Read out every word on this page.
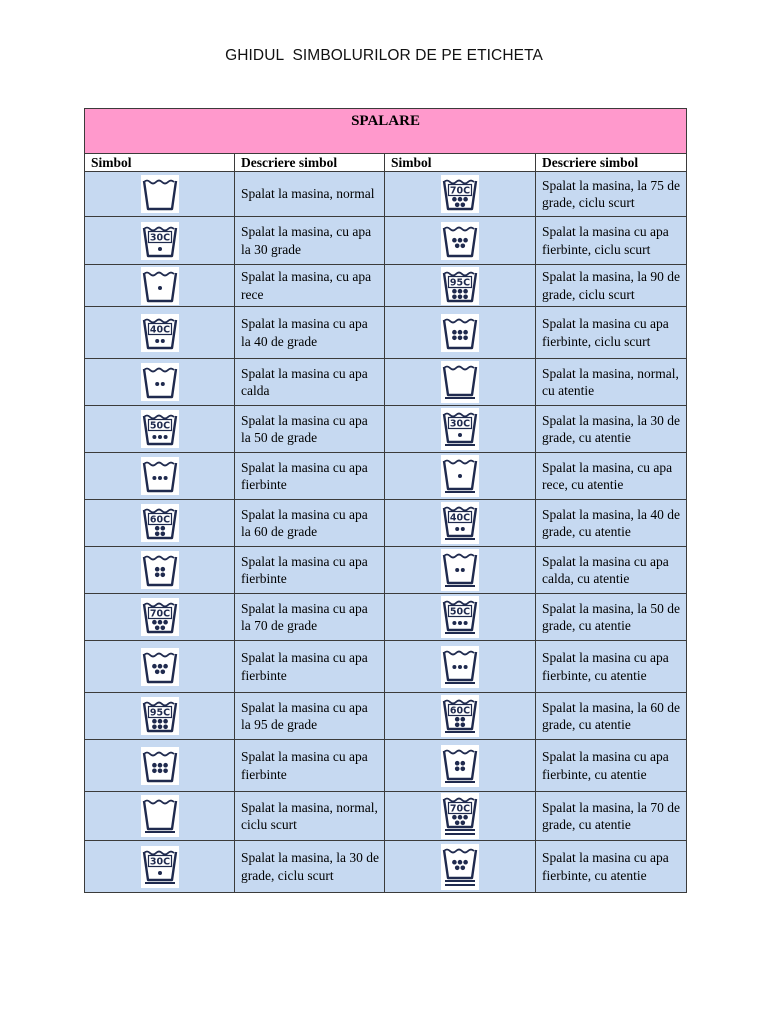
GHIDUL  SIMBOLURILOR DE PE ETICHETA
SPALARE			
Simbol	Descriere simbol	Simbol	Descriere simbol

	Spalat la masina, normal	70C	Spalat la masina, la 75 de grade, ciclu scurt

30C	Spalat la masina, cu apa la 30 grade		Spalat la masina cu apa fierbinte, ciclu scurt

	Spalat la masina, cu apa rece	95C	Spalat la masina, la 90 de grade, ciclu scurt

40C	Spalat la masina cu apa la 40 de grade		Spalat la masina cu apa fierbinte, ciclu scurt

	Spalat la masina cu apa calda		Spalat la masina, normal, cu atentie

50C	Spalat la masina cu apa la 50 de grade	30C	Spalat la masina, la 30 de grade, cu atentie

	Spalat la masina cu apa fierbinte		Spalat la masina, cu apa rece, cu atentie

60C	Spalat la masina cu apa la 60 de grade	40C	Spalat la masina, la 40 de grade, cu atentie

	Spalat la masina cu apa fierbinte		Spalat la masina cu apa calda, cu atentie

70C	Spalat la masina cu apa la 70 de grade	50C	Spalat la masina, la 50 de grade, cu atentie

	Spalat la masina cu apa fierbinte		Spalat la masina cu apa fierbinte, cu atentie

95C	Spalat la masina cu apa la 95 de grade	60C	Spalat la masina, la 60 de grade, cu atentie

	Spalat la masina cu apa fierbinte		Spalat la masina cu apa fierbinte, cu atentie

	Spalat la masina, normal, ciclu scurt	70C	Spalat la masina, la 70 de grade, cu atentie

30C	Spalat la masina, la 30 de grade, ciclu scurt		Spalat la masina cu apa fierbinte, cu atentie
